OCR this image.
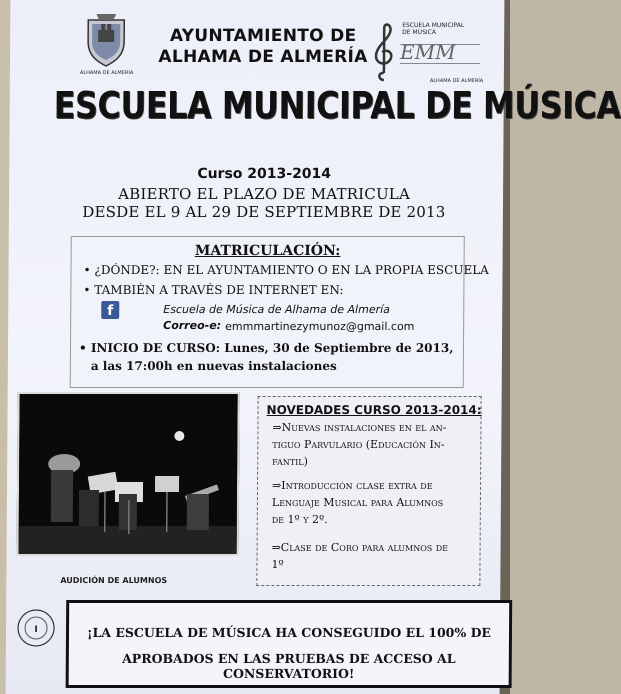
ALHAMA DE ALMERIA
AYUNTAMIENTO DE
ALHAMA DE ALMERÍA
ESCUELA MUNICIPAL
DE MÚSICA
EMM
ALHAMA DE ALMERÍA
ESCUELA MUNICIPAL DE MÚSICA
Curso 2013-2014
ABIERTO EL PLAZO DE MATRICULA
DESDE EL 9 AL 29 DE SEPTIEMBRE DE 2013
MATRICULACIÓN:
• ¿DÓNDE?: EN EL AYUNTAMIENTO O EN LA PROPIA ESCUELA
• TAMBIÉN A TRAVÉS DE INTERNET EN:
f	Escuela de Música de Alhama de Almería
Correo-e: emmmartinezymunoz@gmail.com
• INICIO DE CURSO: Lunes, 30 de Septiembre de 2013,
a las 17:00h en nuevas instalaciones
AUDICIÓN DE ALUMNOS
NOVEDADES CURSO 2013-2014:
⇒Nuevas instalaciones en el an-
tiguo Parvulario (Educación In-
fantil)
⇒Introducción clase extra de
Lenguaje Musical para Alumnos
de 1º y 2º.
⇒Clase de Coro para alumnos de
1º
I	¡LA ESCUELA DE MÚSICA HA CONSEGUIDO EL 100% DE
APROBADOS EN LAS PRUEBAS DE ACCESO AL CONSERVATORIO!
